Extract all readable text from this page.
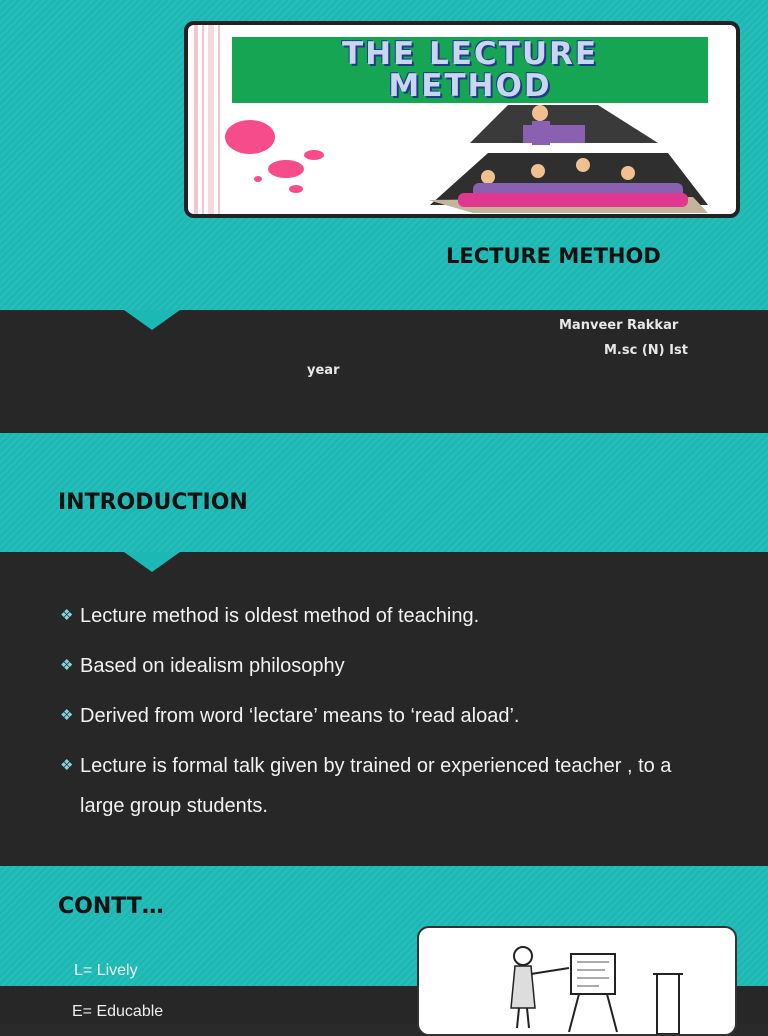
THE LECTURE
METHOD
LECTURE METHOD
Manveer Rakkar
M.sc (N) Ist
year
INTRODUCTION
❖ Lecture method is oldest method of teaching.
❖ Based on idealism philosophy
❖ Derived from word ‘lectare’ means to ‘read aload’.
❖ Lecture is formal talk given by trained or experienced teacher , to a large group students.
CONTT…
L= Lively
E= Educable
